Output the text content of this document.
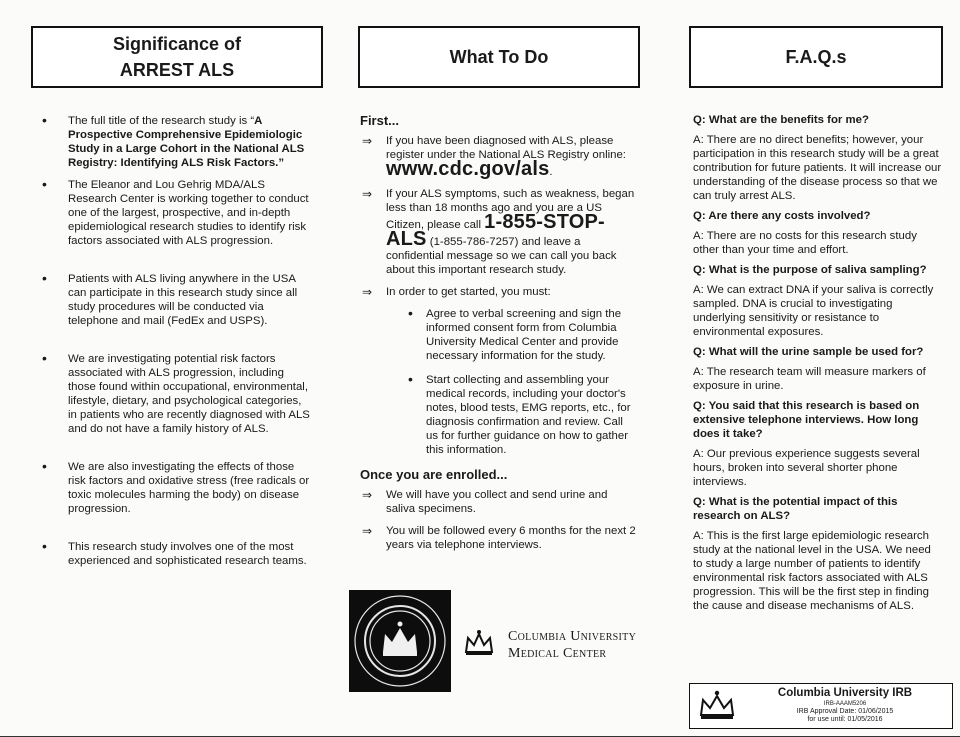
Significance of
ARREST ALS
• The full title of the research study is “A Prospective Comprehensive Epidemiologic Study in a Large Cohort in the National ALS Registry: Identifying ALS Risk Factors.”
• The Eleanor and Lou Gehrig MDA/ALS Research Center is working together to conduct one of the largest, prospective, and in-depth epidemiological research studies to identify risk factors associated with ALS progression.
• Patients with ALS living anywhere in the USA can participate in this research study since all study procedures will be conducted via telephone and mail (FedEx and USPS).
• We are investigating potential risk factors associated with ALS progression, including those found within occupational, environmental, lifestyle, dietary, and psychological categories, in patients who are recently diagnosed with ALS and do not have a family history of ALS.
• We are also investigating the effects of those risk factors and oxidative stress (free radicals or toxic molecules harming the body) on disease progression.
• This research study involves one of the most experienced and sophisticated research teams.
What To Do
First...
⇒ If you have been diagnosed with ALS, please register under the National ALS Registry online: www.cdc.gov/als.
⇒ If your ALS symptoms, such as weakness, began less than 18 months ago and you are a US Citizen, please call 1-855-STOP-ALS (1-855-786-7257) and leave a confidential message so we can call you back about this important research study.
⇒ In order to get started, you must:
• Agree to verbal screening and sign the informed consent form from Columbia University Medical Center and provide necessary information for the study.
• Start collecting and assembling your medical records, including your doctor's notes, blood tests, EMG reports, etc., for diagnosis confirmation and review. Call us for further guidance on how to gather this information.
Once you are enrolled...
⇒ We will have you collect and send urine and saliva specimens.
⇒ You will be followed every 6 months for the next 2 years via telephone interviews.
Columbia University
Medical Center
F.A.Q.s
Q: What are the benefits for me?
A: There are no direct benefits; however, your participation in this research study will be a great contribution for future patients. It will increase our understanding of the disease process so that we can truly arrest ALS.
Q: Are there any costs involved?
A: There are no costs for this research study other than your time and effort.
Q: What is the purpose of saliva sampling?
A: We can extract DNA if your saliva is correctly sampled. DNA is crucial to investigating underlying sensitivity or resistance to environmental exposures.
Q: What will the urine sample be used for?
A: The research team will measure markers of exposure in urine.
Q: You said that this research is based on extensive telephone interviews. How long does it take?
A: Our previous experience suggests several hours, broken into several shorter phone interviews.
Q: What is the potential impact of this research on ALS?
A: This is the first large epidemiologic research study at the national level in the USA. We need to study a large number of patients to identify environmental risk factors associated with ALS progression. This will be the first step in finding the cause and disease mechanisms of ALS.
Columbia University IRB
IRB-AAAM5206
IRB Approval Date: 01/06/2015
for use until: 01/05/2016
